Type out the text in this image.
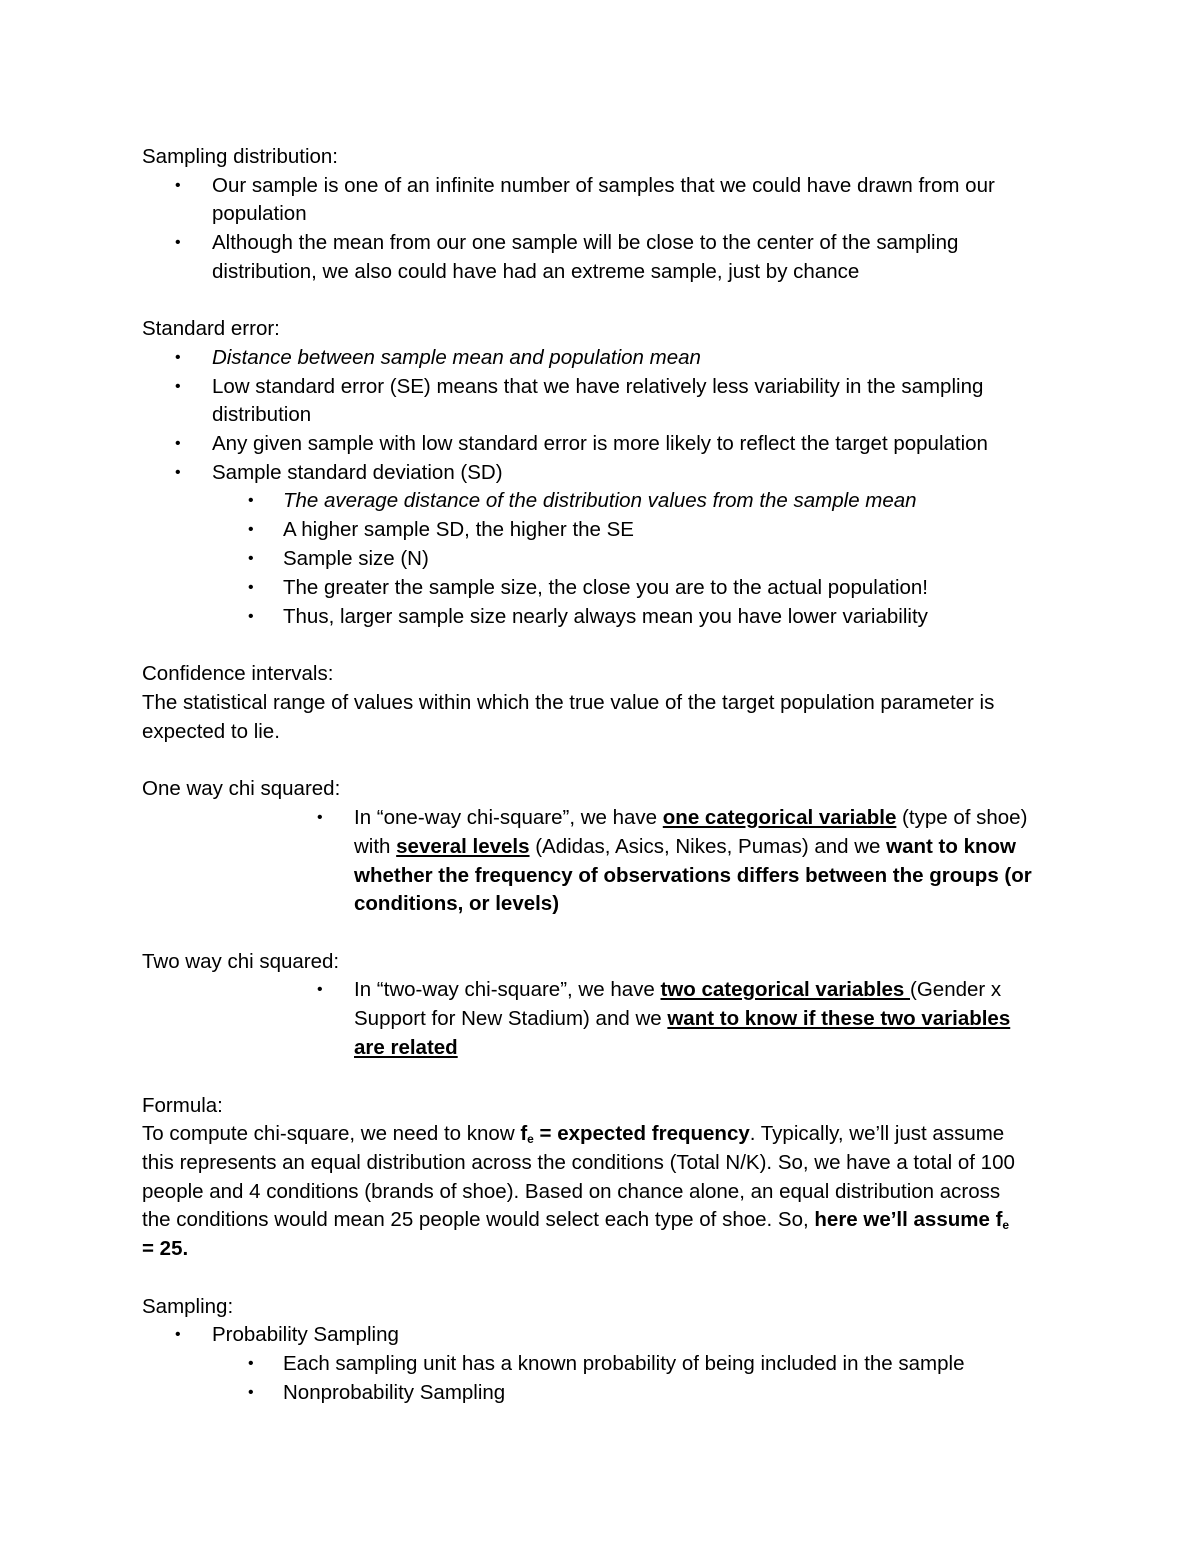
Sampling distribution:
• Our sample is one of an infinite number of samples that we could have drawn from our
population
• Although the mean from our one sample will be close to the center of the sampling
distribution, we also could have had an extreme sample, just by chance
Standard error:
• Distance between sample mean and population mean
• Low standard error (SE) means that we have relatively less variability in the sampling
distribution
• Any given sample with low standard error is more likely to reflect the target population
• Sample standard deviation (SD)
• The average distance of the distribution values from the sample mean
• A higher sample SD, the higher the SE
• Sample size (N)
• The greater the sample size, the close you are to the actual population!
• Thus, larger sample size nearly always mean you have lower variability
Confidence intervals:
The statistical range of values within which the true value of the target population parameter is
expected to lie.
One way chi squared:
• In “one-way chi-square”, we have one categorical variable (type of shoe)
with several levels (Adidas, Asics, Nikes, Pumas) and we want to know
whether the frequency of observations differs between the groups (or
conditions, or levels)
Two way chi squared:
• In “two-way chi-square”, we have two categorical variables (Gender x
Support for New Stadium) and we want to know if these two variables
are related
Formula:
To compute chi-square, we need to know $f_e$ = expected frequency. Typically, we’ll just assume
this represents an equal distribution across the conditions (Total N/K). So, we have a total of 100
people and 4 conditions (brands of shoe). Based on chance alone, an equal distribution across
the conditions would mean 25 people would select each type of shoe. So, here we’ll assume $f_e$
= 25.
Sampling:
• Probability Sampling
• Each sampling unit has a known probability of being included in the sample
• Nonprobability Sampling
